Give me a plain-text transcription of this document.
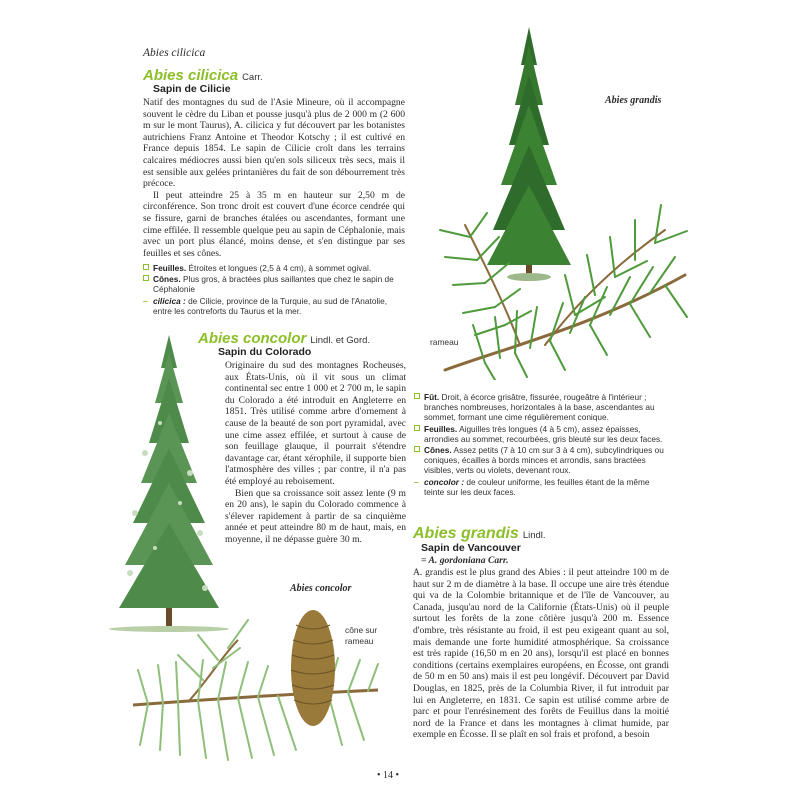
Abies cilicica
Abies cilicica Carr.
Sapin de Cilicie

Natif des montagnes du sud de l'Asie Mineure, où il accompagne souvent le cèdre du Liban et pousse jusqu'à plus de 2 000 m (2 600 m sur le mont Taurus), A. cilicica y fut découvert par les botanistes autrichiens Franz Antoine et Theodor Kotschy ; il est cultivé en France depuis 1854. Le sapin de Cilicie croît dans les terrains calcaires médiocres aussi bien qu'en sols siliceux très secs, mais il est sensible aux gelées printanières du fait de son débourrement très précoce.

Il peut atteindre 25 à 35 m en hauteur sur 2,50 m de circonférence. Son tronc droit est couvert d'une écorce cendrée qui se fissure, garni de branches étalées ou ascendantes, formant une cime effilée. Il ressemble quelque peu au sapin de Céphalonie, mais avec un port plus élancé, moins dense, et s'en distingue par ses feuilles et ses cônes.

Feuilles. Étroites et longues (2,5 à 4 cm), à sommet ogival.
Cônes. Plus gros, à bractées plus saillantes que chez le sapin de Céphalonie
– cilicica : de Cilicie, province de la Turquie, au sud de l'Anatolie, entre les contreforts du Taurus et la mer.
Abies grandis
rameau
Abies concolor Lindl. et Gord.
Sapin du Colorado

Originaire du sud des montagnes Rocheuses, aux États-Unis, où il vit sous un climat continental sec entre 1 000 et 2 700 m, le sapin du Colorado a été introduit en Angleterre en 1851. Très utilisé comme arbre d'ornement à cause de la beauté de son port pyramidal, avec une cime assez effilée, et surtout à cause de son feuillage glauque, il pourrait s'étendre davantage car, étant xérophile, il supporte bien l'atmosphère des villes ; par contre, il n'a pas été employé au reboisement.

Bien que sa croissance soit assez lente (9 m en 20 ans), le sapin du Colorado commence à s'élever rapidement à partir de sa cinquième année et peut atteindre 80 m de haut, mais, en moyenne, il ne dépasse guère 30 m.

Abies concolor
cône sur
rameau
Fût. Droit, à écorce grisâtre, fissurée, rougeâtre à l'intérieur ; branches nombreuses, horizontales à la base, ascendantes au sommet, formant une cime régulièrement conique.
Feuilles. Aiguilles très longues (4 à 5 cm), assez épaisses, arrondies au sommet, recourbées, gris bleuté sur les deux faces.
Cônes. Assez petits (7 à 10 cm sur 3 à 4 cm), subcylindriques ou coniques, écailles à bords minces et arrondis, sans bractées visibles, verts ou violets, devenant roux.
– concolor : de couleur uniforme, les feuilles étant de la même teinte sur les deux faces.
Abies grandis Lindl.
Sapin de Vancouver
= A. gordoniana Carr.

A. grandis est le plus grand des Abies : il peut atteindre 100 m de haut sur 2 m de diamètre à la base. Il occupe une aire très étendue qui va de la Colombie britannique et de l'île de Vancouver, au Canada, jusqu'au nord de la Californie (États-Unis) où il peuple surtout les forêts de la zone côtière jusqu'à 200 m. Essence d'ombre, très résistante au froid, il est peu exigeant quant au sol, mais demande une forte humidité atmosphérique. Sa croissance est très rapide (16,50 m en 20 ans), lorsqu'il est placé en bonnes conditions (certains exemplaires européens, en Écosse, ont grandi de 50 m en 50 ans) mais il est peu longévif. Découvert par David Douglas, en 1825, près de la Columbia River, il fut introduit par lui en Angleterre, en 1831. Ce sapin est utilisé comme arbre de parc et pour l'enrésinement des forêts de Feuillus dans la moitié nord de la France et dans les montagnes à climat humide, par exemple en Écosse. Il se plaît en sol frais et profond, a besoin

• 14 •
